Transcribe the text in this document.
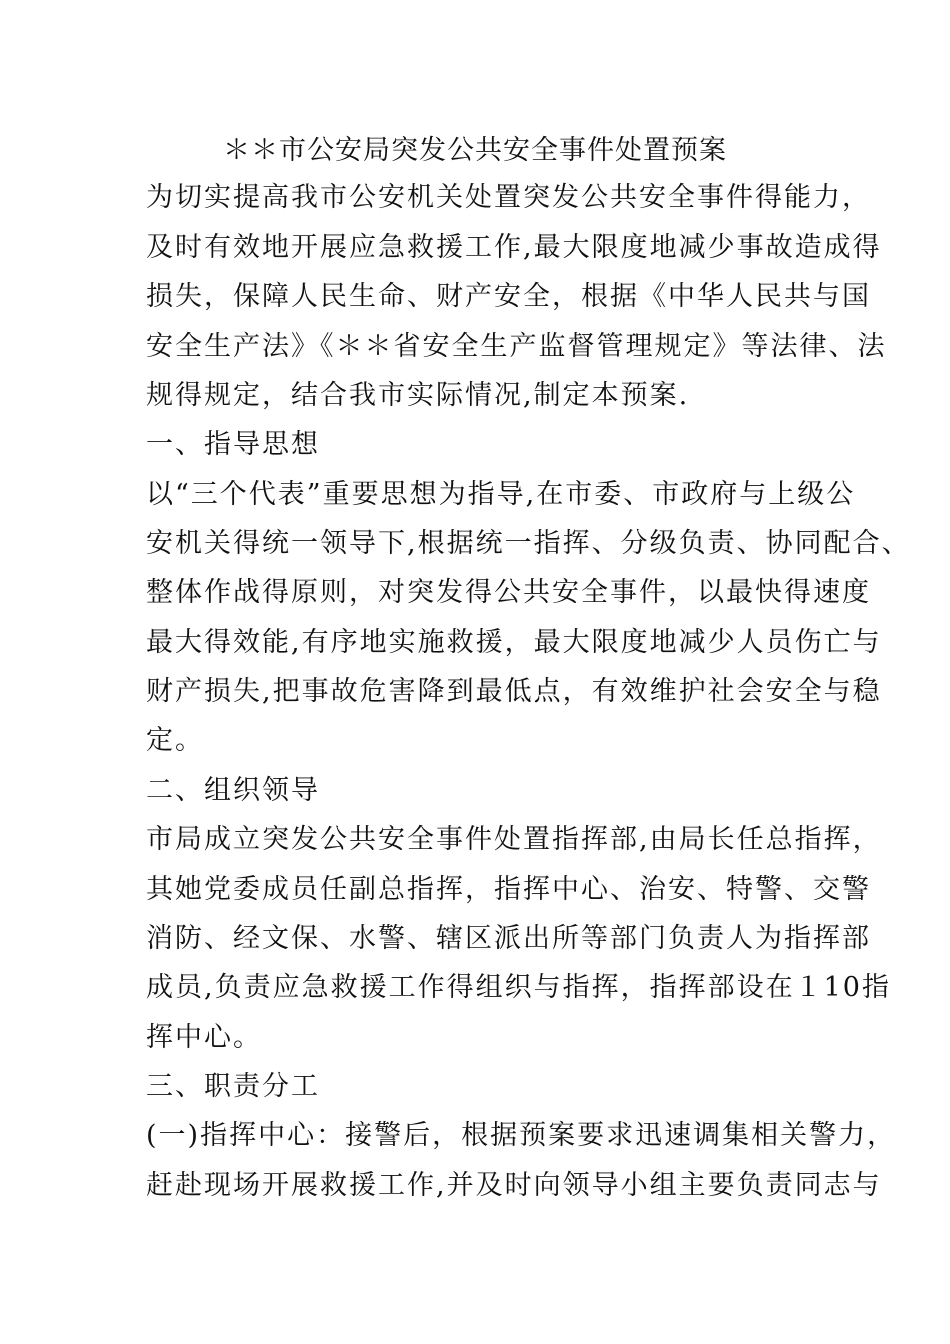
＊＊市公安局突发公共安全事件处置预案
为切实提高我市公安机关处置突发公共安全事件得能力，
及时有效地开展应急救援工作,最大限度地减少事故造成得
损失，保障人民生命、财产安全，根据《中华人民共与国
安全生产法》《＊＊省安全生产监督管理规定》等法律、法
规得规定，结合我市实际情况,制定本预案.
一、指导思想
以“三个代表”重要思想为指导,在市委、市政府与上级公
安机关得统一领导下,根据统一指挥、分级负责、协同配合、
整体作战得原则，对突发得公共安全事件，以最快得速度
最大得效能,有序地实施救援，最大限度地减少人员伤亡与
财产损失,把事故危害降到最低点，有效维护社会安全与稳
定。
二、组织领导
市局成立突发公共安全事件处置指挥部,由局长任总指挥，
其她党委成员任副总指挥，指挥中心、治安、特警、交警
消防、经文保、水警、辖区派出所等部门负责人为指挥部
成员,负责应急救援工作得组织与指挥，指挥部设在１10指
挥中心。
三、职责分工
(一)指挥中心：接警后，根据预案要求迅速调集相关警力，
赶赴现场开展救援工作,并及时向领导小组主要负责同志与
